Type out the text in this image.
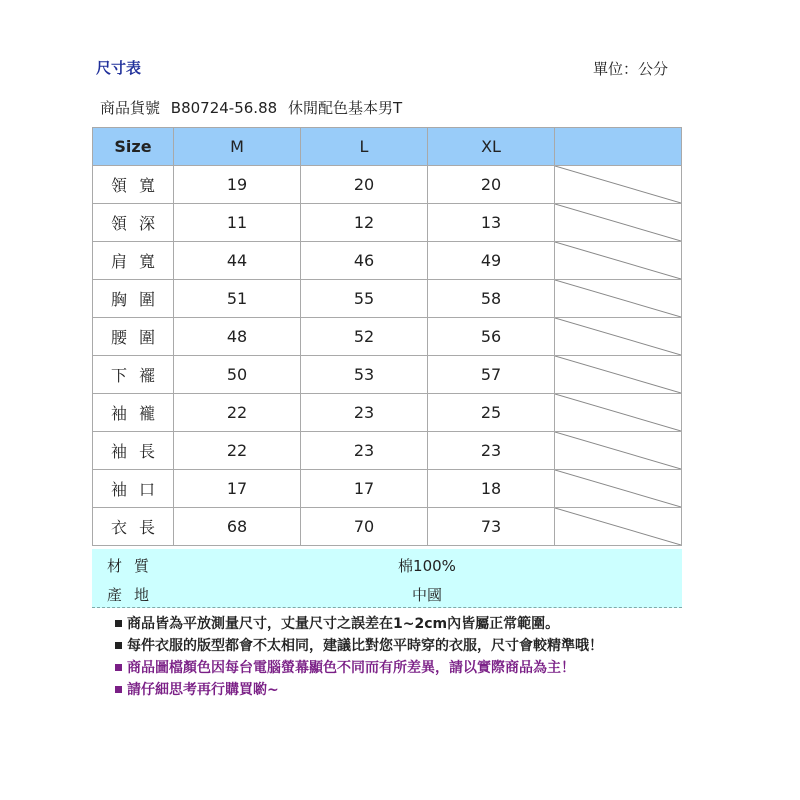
尺寸表	單位：公分
商品貨號 B80724-56.88 休閒配色基本男T
Size	M	L	XL	
領寬	19	20	20	

領深	11	12	13	

肩寬	44	46	49	

胸圍	51	55	58	

腰圍	48	52	56	

下襬	50	53	57	

袖襱	22	23	25	

袖長	22	23	23	

袖口	17	17	18	

衣長	68	70	73	
材質	棉100%
產地	中國
商品皆為平放測量尺寸，丈量尺寸之誤差在1~2cm內皆屬正常範圍。
每件衣服的版型都會不太相同，建議比對您平時穿的衣服，尺寸會較精準哦！
商品圖檔顏色因每台電腦螢幕顯色不同而有所差異，請以實際商品為主！
請仔細思考再行購買喲~
